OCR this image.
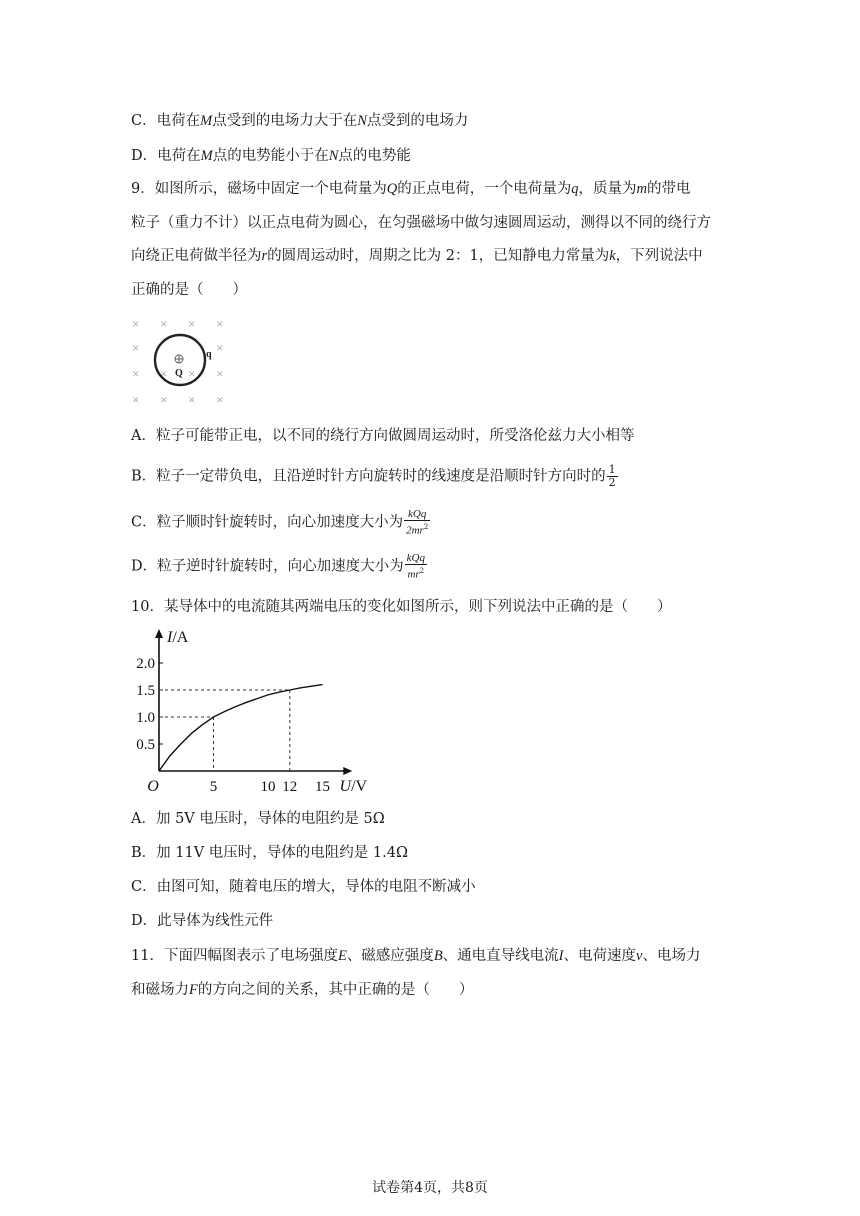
C．电荷在M点受到的电场力大于在N点受到的电场力
D．电荷在M点的电势能小于在N点的电势能
9．如图所示，磁场中固定一个电荷量为Q的正点电荷，一个电荷量为q，质量为m的带电
粒子（重力不计）以正点电荷为圆心，在匀强磁场中做匀速圆周运动，测得以不同的绕行方
向绕正电荷做半径为r的圆周运动时，周期之比为 2：1，已知静电力常量为k，下列说法中
正确的是（　　）
× × × ×
×	×
× × × ×
× × × ×
Q
q
A．粒子可能带正电，以不同的绕行方向做圆周运动时，所受洛伦兹力大小相等
B．粒子一定带负电，且沿逆时针方向旋转时的线速度是沿顺时针方向时的 $\frac{1}{2}$
C．粒子顺时针旋转时，向心加速度大小为 $\frac{\text{kQq}}{2mr^2}$
D．粒子逆时针旋转时，向心加速度大小为 $\frac{\text{kQq}}{mr^2}$
10．某导体中的电流随其两端电压的变化如图所示，则下列说法中正确的是（　　）
0.5
1.0
1.5
2.0
5	10 12 15
O
I/A
U/V
A．加 5V 电压时，导体的电阻约是 5Ω
B．加 11V 电压时，导体的电阻约是 1.4Ω
C．由图可知，随着电压的增大，导体的电阻不断减小
D．此导体为线性元件
11．下面四幅图表示了电场强度E、磁感应强度B、通电直导线电流I、电荷速度v、电场力
和磁场力F的方向之间的关系，其中正确的是（　　）
试卷第4页，共8页
